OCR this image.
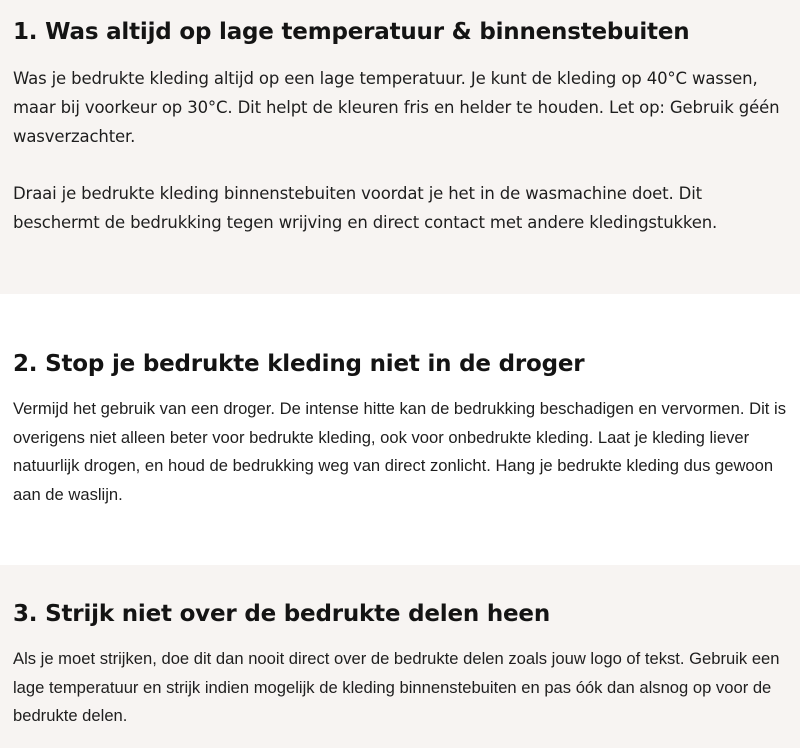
1. Was altijd op lage temperatuur & binnenstebuiten

Was je bedrukte kleding altijd op een lage temperatuur. Je kunt de kleding op 40°C wassen, maar bij voorkeur op 30°C. Dit helpt de kleuren fris en helder te houden. Let op: Gebruik géén wasverzachter.

Draai je bedrukte kleding binnenstebuiten voordat je het in de wasmachine doet. Dit beschermt de bedrukking tegen wrijving en direct contact met andere kledingstukken.

2. Stop je bedrukte kleding niet in de droger

Vermijd het gebruik van een droger. De intense hitte kan de bedrukking beschadigen en vervormen. Dit is overigens niet alleen beter voor bedrukte kleding, ook voor onbedrukte kleding. Laat je kleding liever natuurlijk drogen, en houd de bedrukking weg van direct zonlicht. Hang je bedrukte kleding dus gewoon aan de waslijn.

3. Strijk niet over de bedrukte delen heen

Als je moet strijken, doe dit dan nooit direct over de bedrukte delen zoals jouw logo of tekst. Gebruik een lage temperatuur en strijk indien mogelijk de kleding binnenstebuiten en pas óók dan alsnog op voor de bedrukte delen.
